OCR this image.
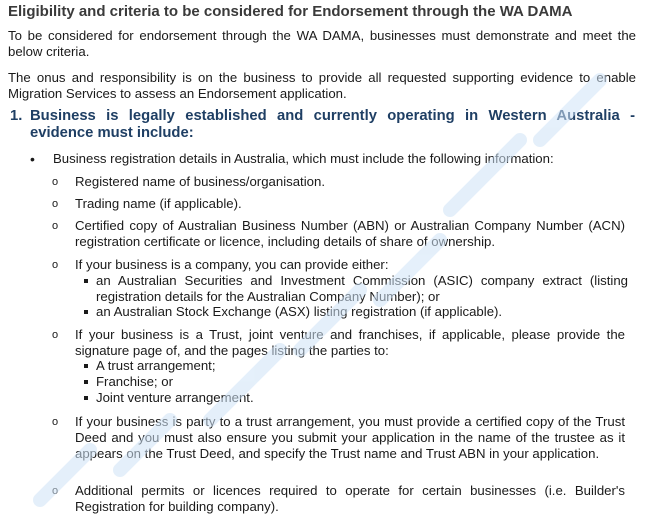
Eligibility and criteria to be considered for Endorsement through the WA DAMA
To be considered for endorsement through the WA DAMA, businesses must demonstrate and meet the below criteria.
The onus and responsibility is on the business to provide all requested supporting evidence to enable Migration Services to assess an Endorsement application.
1. Business is legally established and currently operating in Western Australia - evidence must include:
• Business registration details in Australia, which must include the following information:
o Registered name of business/organisation.
o Trading name (if applicable).
o Certified copy of Australian Business Number (ABN) or Australian Company Number (ACN) registration certificate or licence, including details of share of ownership.
o If your business is a company, you can provide either:
an Australian Securities and Investment Commission (ASIC) company extract (listing registration details for the Australian Company Number); or
an Australian Stock Exchange (ASX) listing registration (if applicable).
o If your business is a Trust, joint venture and franchises, if applicable, please provide the signature page of, and the pages listing the parties to:
A trust arrangement;
Franchise; or
Joint venture arrangement.
o If your business is party to a trust arrangement, you must provide a certified copy of the Trust Deed and you must also ensure you submit your application in the name of the trustee as it appears on the Trust Deed, and specify the Trust name and Trust ABN in your application.
o Additional permits or licences required to operate for certain businesses (i.e. Builder's Registration for building company).
